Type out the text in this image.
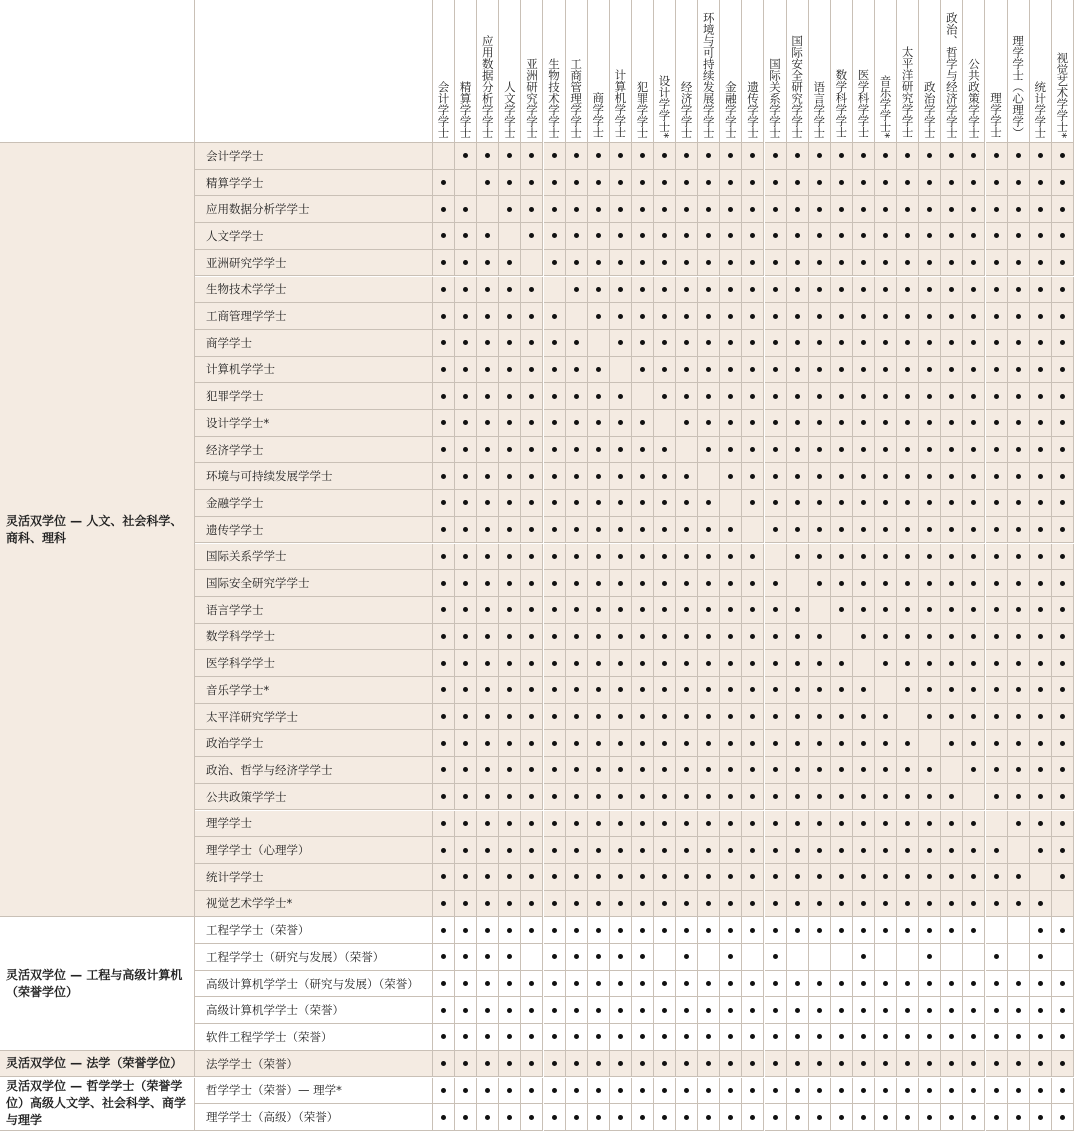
会计学学士 精算学学士 应用数据分析学学士 人文学学士 亚洲研究学学士 生物技术学学士 工商管理学学士 商学学士 计算机学学士 犯罪学学士 设计学学士* 经济学学士 环境与可持续发展学学士 金融学学士 遗传学学士 国际关系学学士 国际安全研究学学士 语言学学士 数学科学学士 医学科学学士 音乐学学士* 太平洋研究学学士 政治学学士 政治、哲学与经济学学士 公共政策学学士 理学学士 理学学士（心理学） 统计学学士 视觉艺术学学士*
会计学学士
精算学学士
应用数据分析学学士
人文学学士
亚洲研究学学士
生物技术学学士
工商管理学学士
商学学士
计算机学学士
犯罪学学士
设计学学士*
经济学学士
环境与可持续发展学学士
金融学学士
遗传学学士
国际关系学学士
国际安全研究学学士
语言学学士
数学科学学士
医学科学学士
音乐学学士*
太平洋研究学学士
政治学学士
政治、哲学与经济学学士
公共政策学学士
理学学士
理学学士（心理学）
统计学学士
视觉艺术学学士*
灵活双学位 — 人文、社会科学、商科、理科
工程学学士（荣誉）
工程学学士（研究与发展）（荣誉）
高级计算机学学士（研究与发展）（荣誉）
高级计算机学学士（荣誉）
软件工程学学士（荣誉）
灵活双学位 — 工程与高级计算机（荣誉学位）
法学学士（荣誉）
灵活双学位 — 法学（荣誉学位）
哲学学士（荣誉）— 理学*
理学学士（高级）（荣誉）
灵活双学位 — 哲学学士（荣誉学位）高级人文学、社会科学、商学与理学
